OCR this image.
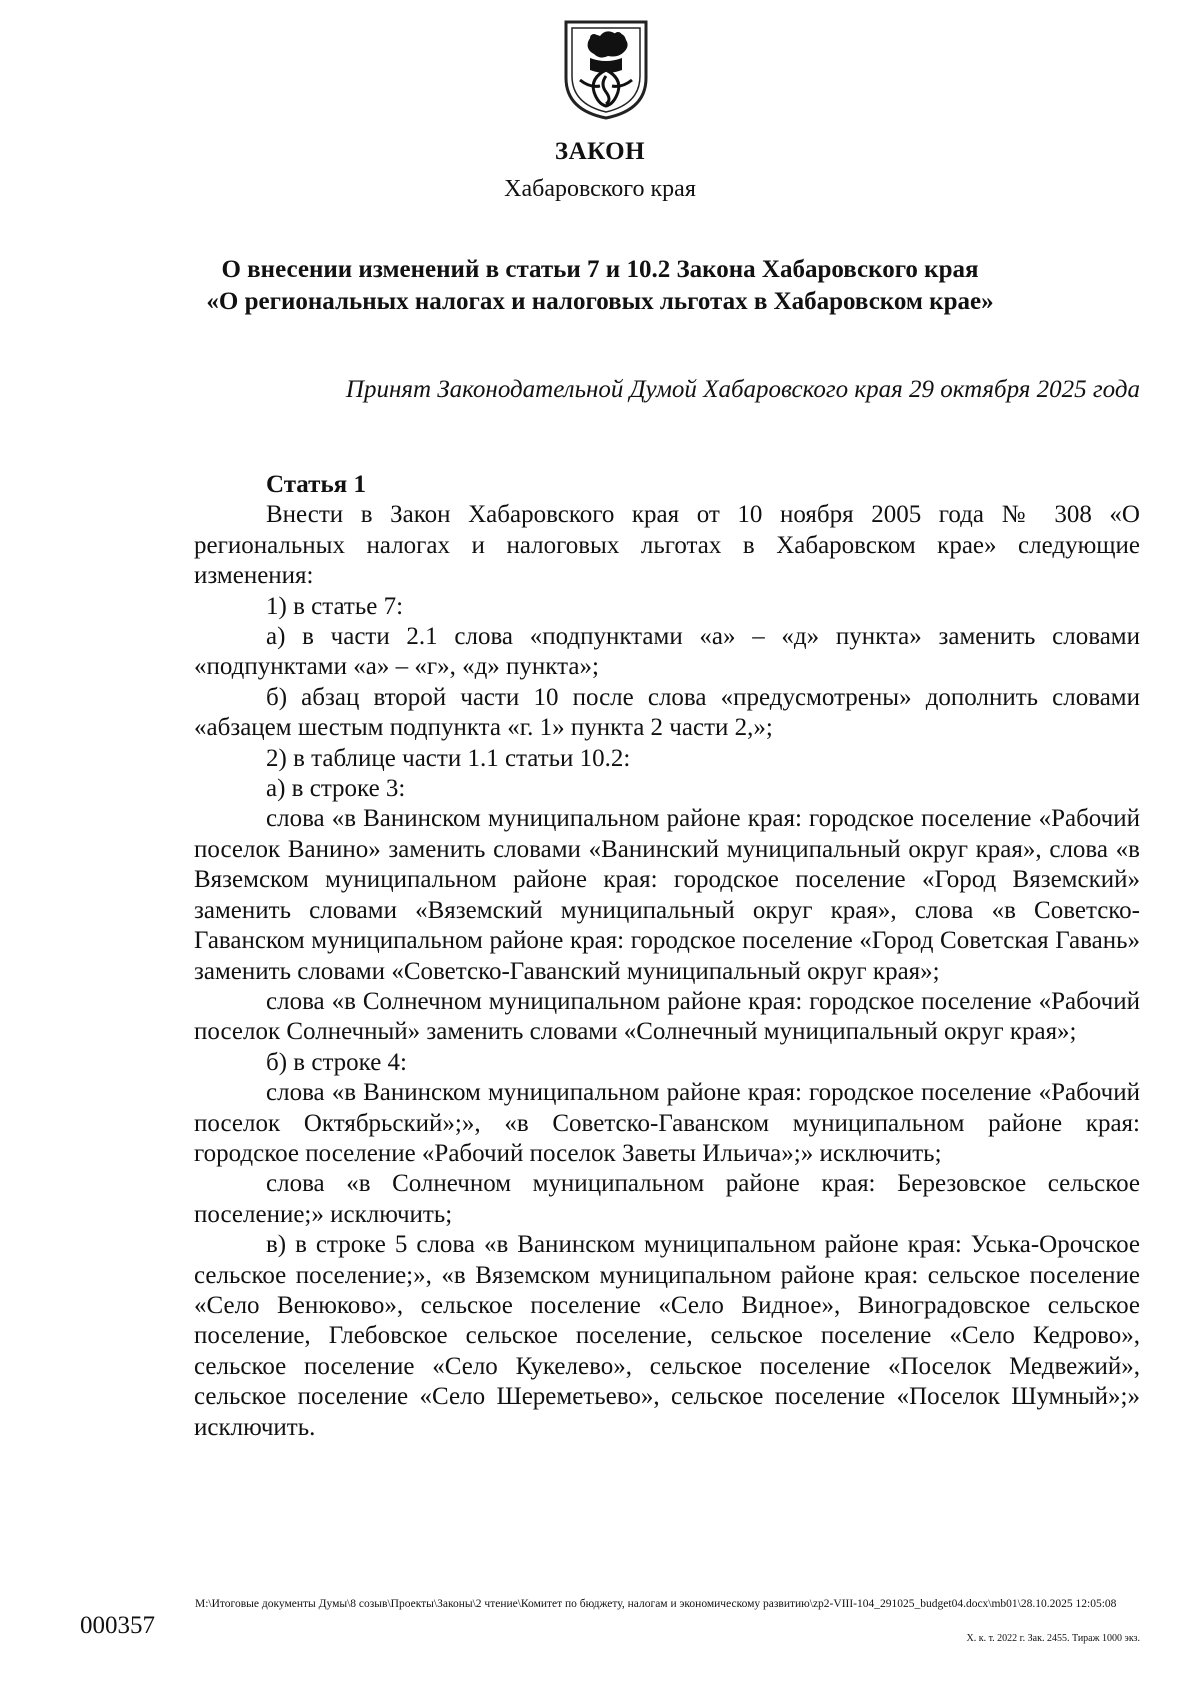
ЗАКОН
Хабаровского края
О внесении изменений в статьи 7 и 10.2 Закона Хабаровского края
«О региональных налогах и налоговых льготах в Хабаровском крае»
Принят Законодательной Думой Хабаровского края 29 октября 2025 года

Статья 1

Внести в Закон Хабаровского края от 10 ноября 2005 года № 308 «О региональных налогах и налоговых льготах в Хабаровском крае» следующие изменения:

1) в статье 7:

а) в части 2.1 слова «подпунктами «а» – «д» пункта» заменить словами «подпунктами «а» – «г», «д» пункта»;

б) абзац второй части 10 после слова «предусмотрены» дополнить словами «абзацем шестым подпункта «г. 1» пункта 2 части 2,»;

2) в таблице части 1.1 статьи 10.2:

а) в строке 3:

слова «в Ванинском муниципальном районе края: городское поселение «Рабочий поселок Ванино» заменить словами «Ванинский муниципальный округ края», слова «в Вяземском муниципальном районе края: городское поселение «Город Вяземский» заменить словами «Вяземский муниципальный округ края», слова «в Советско-Гаванском муниципальном районе края: городское поселение «Город Советская Гавань» заменить словами «Советско-Гаванский муниципальный округ края»;

слова «в Солнечном муниципальном районе края: городское поселение «Рабочий поселок Солнечный» заменить словами «Солнечный муниципальный округ края»;

б) в строке 4:

слова «в Ванинском муниципальном районе края: городское поселение «Рабочий поселок Октябрьский»;», «в Советско-Гаванском муниципальном районе края: городское поселение «Рабочий поселок Заветы Ильича»;» исключить;

слова «в Солнечном муниципальном районе края: Березовское сельское поселение;» исключить;

в) в строке 5 слова «в Ванинском муниципальном районе края: Уська-Орочское сельское поселение;», «в Вяземском муниципальном районе края: сельское поселение «Село Венюково», сельское поселение «Село Видное», Виноградовское сельское поселение, Глебовское сельское поселение, сельское поселение «Село Кедрово», сельское поселение «Село Кукелево», сельское поселение «Поселок Медвежий», сельское поселение «Село Шереметьево», сельское поселение «Поселок Шумный»;» исключить.

000357
M:\Итоговые документы Думы\8 созыв\Проекты\Законы\2 чтение\Комитет по бюджету, налогам и экономическому развитию\zp2-VIII-104_291025_budget04.docx\mb01\28.10.2025 12:05:08
Х. к. т. 2022 г. Зак. 2455. Тираж 1000 экз.
